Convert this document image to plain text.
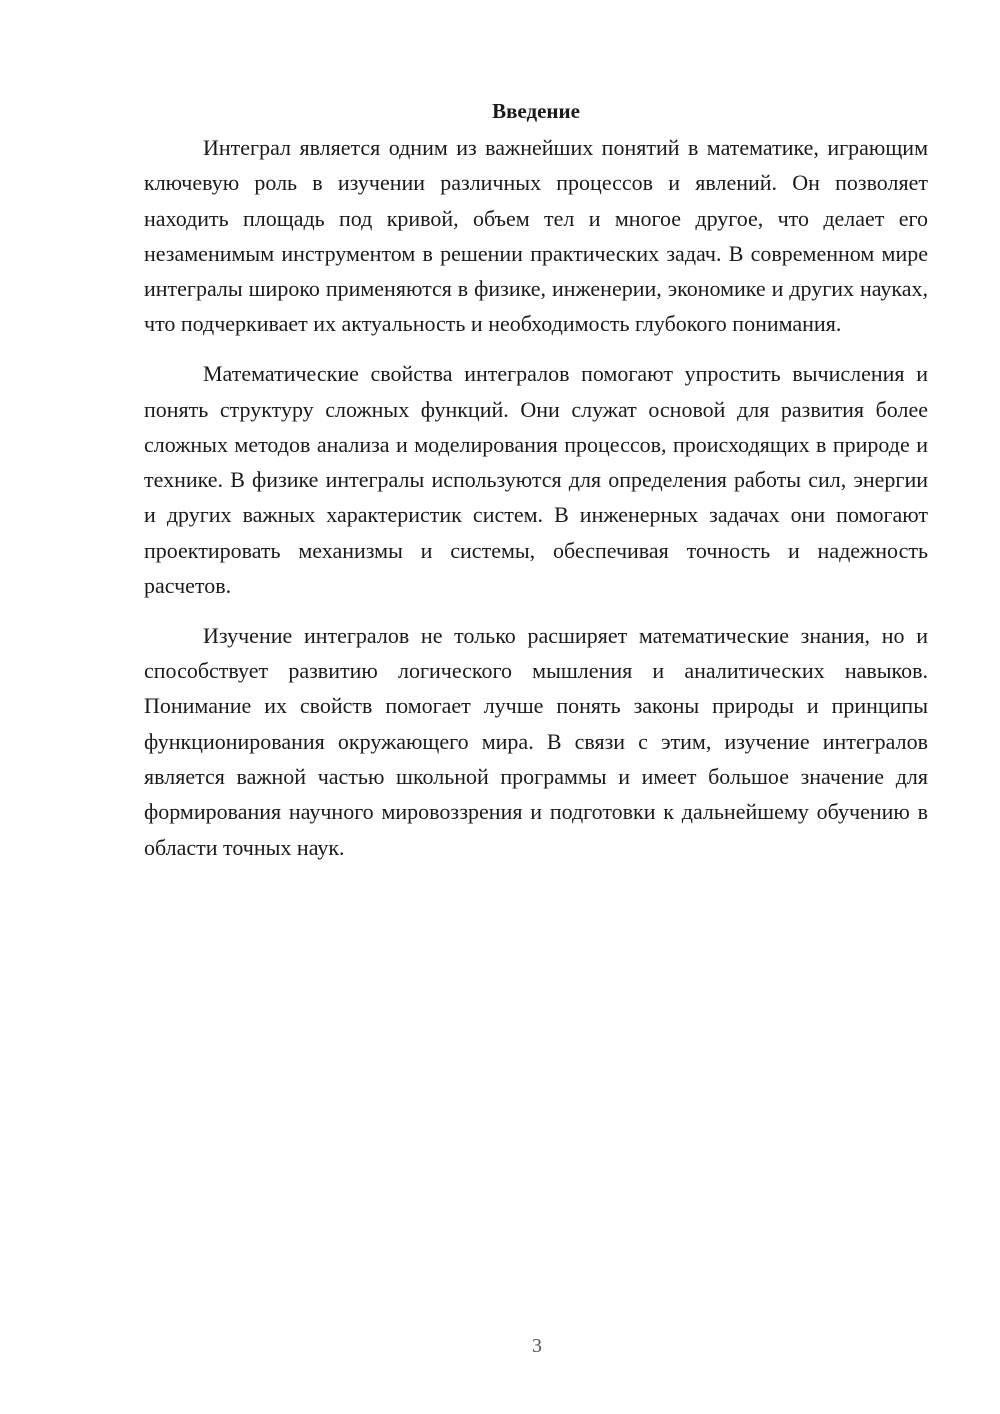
Введение

Интеграл является одним из важнейших понятий в математике, играющим ключевую роль в изучении различных процессов и явлений. Он позволяет находить площадь под кривой, объем тел и многое другое, что делает его незаменимым инструментом в решении практических задач. В современном мире интегралы широко применяются в физике, инженерии, экономике и других науках, что подчеркивает их актуальность и необходимость глубокого понимания.

Математические свойства интегралов помогают упростить вычисления и понять структуру сложных функций. Они служат основой для развития более сложных методов анализа и моделирования процессов, происходящих в природе и технике. В физике интегралы используются для определения работы сил, энергии и других важных характеристик систем. В инженерных задачах они помогают проектировать механизмы и системы, обеспечивая точность и надежность расчетов.

Изучение интегралов не только расширяет математические знания, но и способствует развитию логического мышления и аналитических навыков. Понимание их свойств помогает лучше понять законы природы и принципы функционирования окружающего мира. В связи с этим, изучение интегралов является важной частью школьной программы и имеет большое значение для формирования научного мировоззрения и подготовки к дальнейшему обучению в области точных наук.

3
